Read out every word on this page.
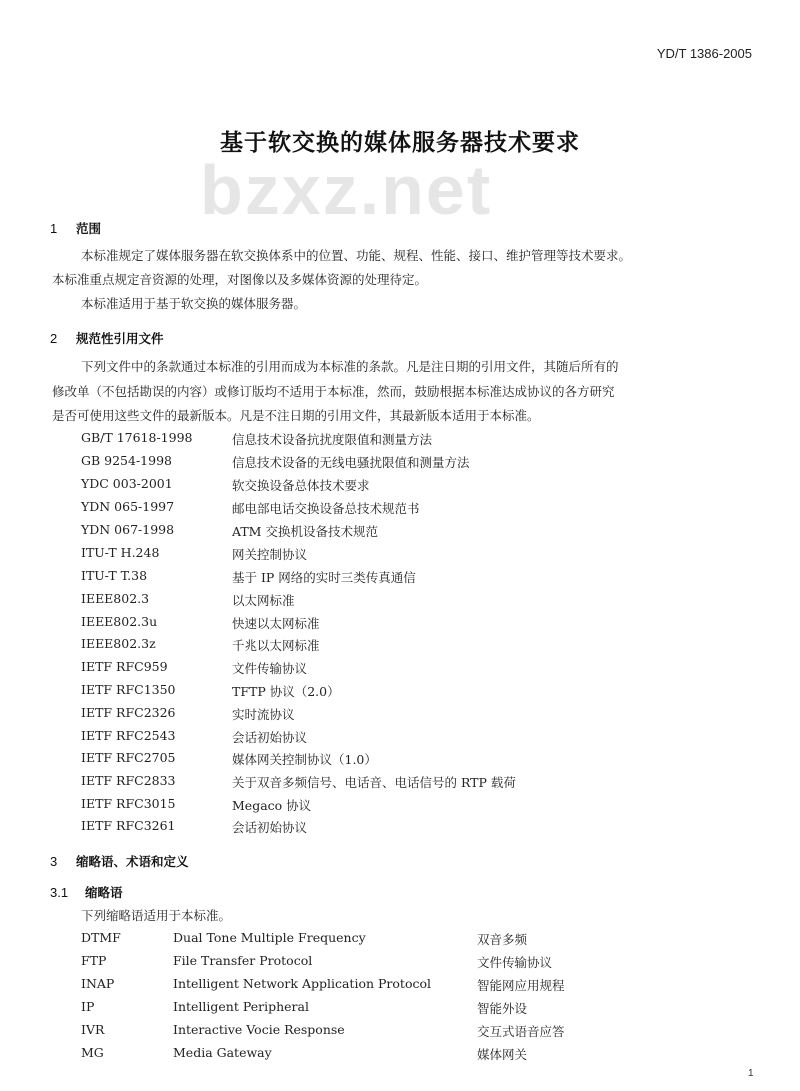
YD/T 1386-2005
bzxz.net
基于软交换的媒体服务器技术要求
1 范围
本标准规定了媒体服务器在软交换体系中的位置、功能、规程、性能、接口、维护管理等技术要求。
本标准重点规定音资源的处理，对图像以及多媒体资源的处理待定。
本标准适用于基于软交换的媒体服务器。
2 规范性引用文件
下列文件中的条款通过本标准的引用而成为本标准的条款。凡是注日期的引用文件，其随后所有的
修改单（不包括勘误的内容）或修订版均不适用于本标准，然而，鼓励根据本标准达成协议的各方研究
是否可使用这些文件的最新版本。凡是不注日期的引用文件，其最新版本适用于本标准。
GB/T 17618-1998	信息技术设备抗扰度限值和测量方法
GB 9254-1998	信息技术设备的无线电骚扰限值和测量方法
YDC 003-2001	软交换设备总体技术要求
YDN 065-1997	邮电部电话交换设备总技术规范书
YDN 067-1998	ATM 交换机设备技术规范
ITU-T H.248	网关控制协议
ITU-T T.38	基于 IP 网络的实时三类传真通信
IEEE802.3	以太网标准
IEEE802.3u	快速以太网标准
IEEE802.3z	千兆以太网标准
IETF RFC959	文件传输协议
IETF RFC1350	TFTP 协议（2.0）
IETF RFC2326	实时流协议
IETF RFC2543	会话初始协议
IETF RFC2705	媒体网关控制协议（1.0）
IETF RFC2833	关于双音多频信号、电话音、电话信号的 RTP 载荷
IETF RFC3015	Megaco 协议
IETF RFC3261	会话初始协议
3 缩略语、术语和定义
3.1 缩略语
下列缩略语适用于本标准。
DTMF	Dual Tone Multiple Frequency	双音多频
FTP	File Transfer Protocol	文件传输协议
INAP	Intelligent Network Application Protocol	智能网应用规程
IP	Intelligent Peripheral	智能外设
IVR	Interactive Vocie Response	交互式语音应答
MG	Media Gateway	媒体网关
1
